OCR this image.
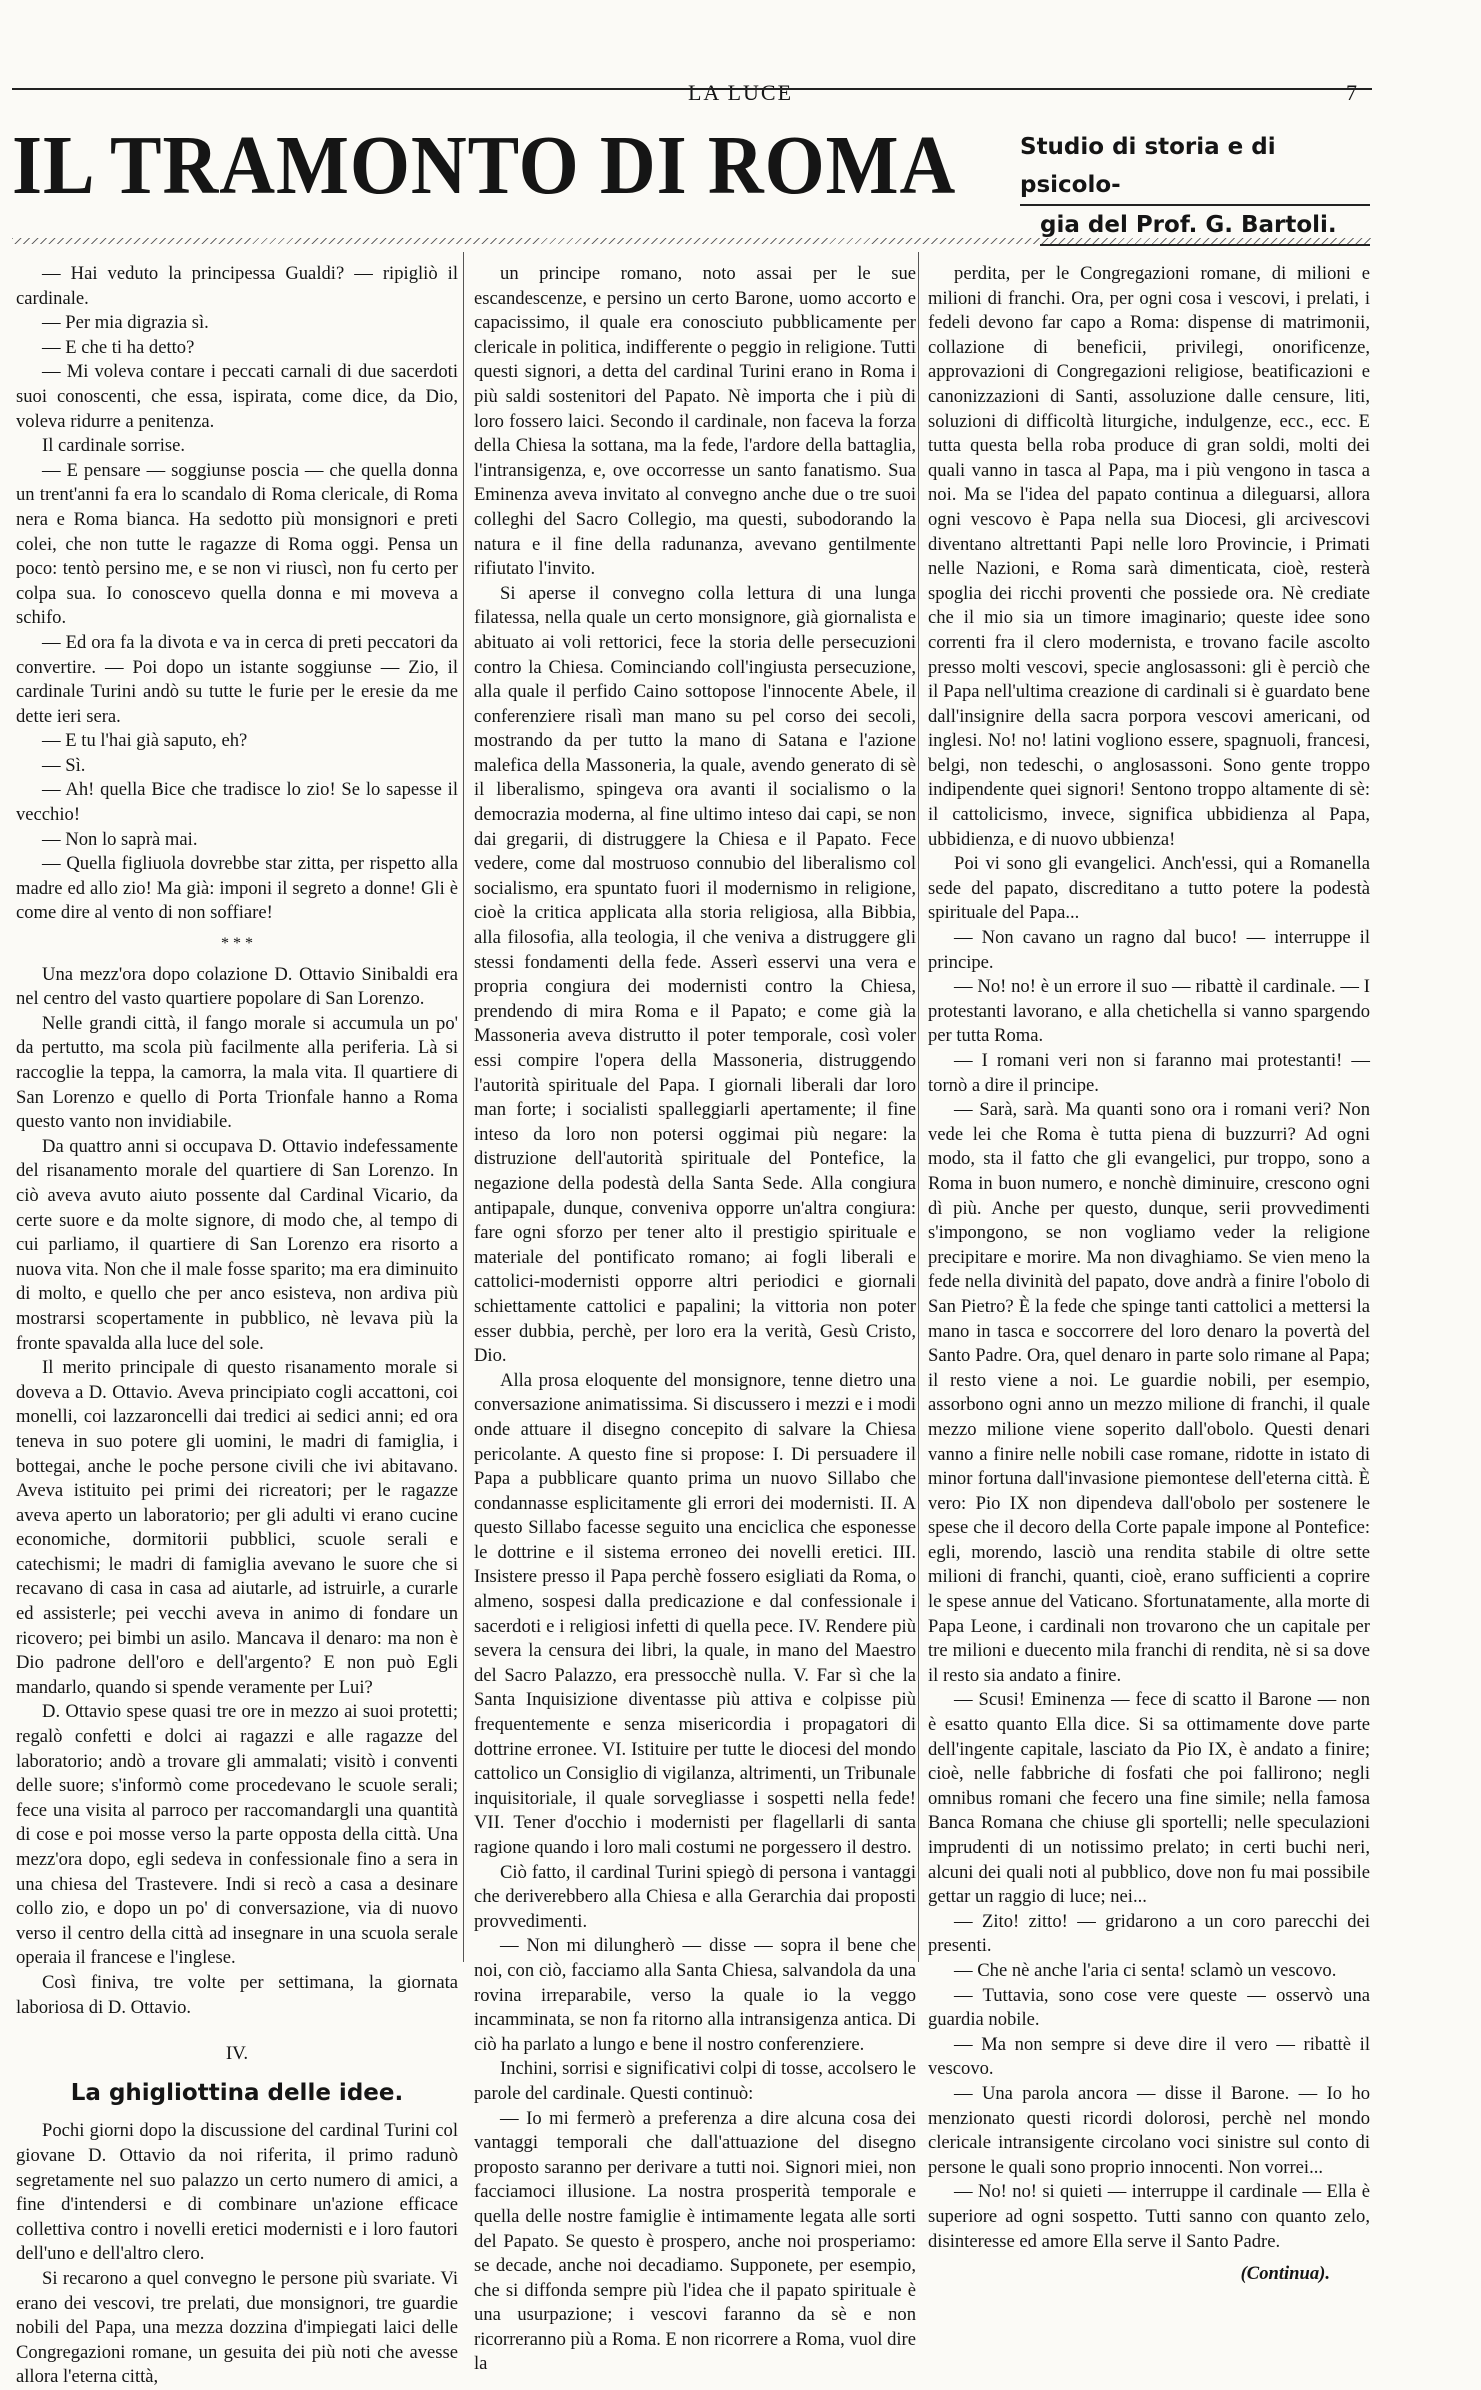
LA LUCE	7
IL TRAMONTO DI ROMA	Studio di storia e di psicolo-
gia del Prof. G. Bartoli.

— Hai veduto la principessa Gualdi? — ripigliò il cardinale.

— Per mia digrazia sì.

— E che ti ha detto?

— Mi voleva contare i peccati carnali di due sacerdoti suoi conoscenti, che essa, ispirata, come dice, da Dio, voleva ridurre a penitenza.

Il cardinale sorrise.

— E pensare — soggiunse poscia — che quella donna un trent'anni fa era lo scandalo di Roma clericale, di Roma nera e Roma bianca. Ha sedotto più monsignori e preti colei, che non tutte le ragazze di Roma oggi. Pensa un poco: tentò persino me, e se non vi riuscì, non fu certo per colpa sua. Io conoscevo quella donna e mi moveva a schifo.

— Ed ora fa la divota e va in cerca di preti peccatori da convertire. — Poi dopo un istante soggiunse — Zio, il cardinale Turini andò su tutte le furie per le eresie da me dette ieri sera.

— E tu l'hai già saputo, eh?

— Sì.

— Ah! quella Bice che tradisce lo zio! Se lo sapesse il vecchio!

— Non lo saprà mai.

— Quella figliuola dovrebbe star zitta, per rispetto alla madre ed allo zio! Ma già: imponi il segreto a donne! Gli è come dire al vento di non soffiare!

* * *

Una mezz'ora dopo colazione D. Ottavio Sinibaldi era nel centro del vasto quartiere popolare di San Lorenzo.

Nelle grandi città, il fango morale si accumula un po' da pertutto, ma scola più facilmente alla periferia. Là si raccoglie la teppa, la camorra, la mala vita. Il quartiere di San Lorenzo e quello di Porta Trionfale hanno a Roma questo vanto non invidiabile.

Da quattro anni si occupava D. Ottavio indefessamente del risanamento morale del quartiere di San Lorenzo. In ciò aveva avuto aiuto possente dal Cardinal Vicario, da certe suore e da molte signore, di modo che, al tempo di cui parliamo, il quartiere di San Lorenzo era risorto a nuova vita. Non che il male fosse sparito; ma era diminuito di molto, e quello che per anco esisteva, non ardiva più mostrarsi scopertamente in pubblico, nè levava più la fronte spavalda alla luce del sole.

Il merito principale di questo risanamento morale si doveva a D. Ottavio. Aveva principiato cogli accattoni, coi monelli, coi lazzaroncelli dai tredici ai sedici anni; ed ora teneva in suo potere gli uomini, le madri di famiglia, i bottegai, anche le poche persone civili che ivi abitavano. Aveva istituito pei primi dei ricreatori; per le ragazze aveva aperto un laboratorio; per gli adulti vi erano cucine economiche, dormitorii pubblici, scuole serali e catechismi; le madri di famiglia avevano le suore che si recavano di casa in casa ad aiutarle, ad istruirle, a curarle ed assisterle; pei vecchi aveva in animo di fondare un ricovero; pei bimbi un asilo. Mancava il denaro: ma non è Dio padrone dell'oro e dell'argento? E non può Egli mandarlo, quando si spende veramente per Lui?

D. Ottavio spese quasi tre ore in mezzo ai suoi protetti; regalò confetti e dolci ai ragazzi e alle ragazze del laboratorio; andò a trovare gli ammalati; visitò i conventi delle suore; s'informò come procedevano le scuole serali; fece una visita al parroco per raccomandargli una quantità di cose e poi mosse verso la parte opposta della città. Una mezz'ora dopo, egli sedeva in confessionale fino a sera in una chiesa del Trastevere. Indi si recò a casa a desinare collo zio, e dopo un po' di conversazione, via di nuovo verso il centro della città ad insegnare in una scuola serale operaia il francese e l'inglese.

Così finiva, tre volte per settimana, la giornata laboriosa di D. Ottavio.

IV.
La ghigliottina delle idee.

Pochi giorni dopo la discussione del cardinal Turini col giovane D. Ottavio da noi riferita, il primo radunò segretamente nel suo palazzo un certo numero di amici, a fine d'intendersi e di combinare un'azione efficace collettiva contro i novelli eretici modernisti e i loro fautori dell'uno e dell'altro clero.

Si recarono a quel convegno le persone più svariate. Vi erano dei vescovi, tre prelati, due monsignori, tre guardie nobili del Papa, una mezza dozzina d'impiegati laici delle Congregazioni romane, un gesuita dei più noti che avesse allora l'eterna città,

un principe romano, noto assai per le sue escandescenze, e persino un certo Barone, uomo accorto e capacissimo, il quale era conosciuto pubblicamente per clericale in politica, indifferente o peggio in religione. Tutti questi signori, a detta del cardinal Turini erano in Roma i più saldi sostenitori del Papato. Nè importa che i più di loro fossero laici. Secondo il cardinale, non faceva la forza della Chiesa la sottana, ma la fede, l'ardore della battaglia, l'intransigenza, e, ove occorresse un santo fanatismo. Sua Eminenza aveva invitato al convegno anche due o tre suoi colleghi del Sacro Collegio, ma questi, subodorando la natura e il fine della radunanza, avevano gentilmente rifiutato l'invito.

Si aperse il convegno colla lettura di una lunga filatessa, nella quale un certo monsignore, già giornalista e abituato ai voli rettorici, fece la storia delle persecuzioni contro la Chiesa. Cominciando coll'ingiusta persecuzione, alla quale il perfido Caino sottopose l'innocente Abele, il conferenziere risalì man mano su pel corso dei secoli, mostrando da per tutto la mano di Satana e l'azione malefica della Massoneria, la quale, avendo generato di sè il liberalismo, spingeva ora avanti il socialismo o la democrazia moderna, al fine ultimo inteso dai capi, se non dai gregarii, di distruggere la Chiesa e il Papato. Fece vedere, come dal mostruoso connubio del liberalismo col socialismo, era spuntato fuori il modernismo in religione, cioè la critica applicata alla storia religiosa, alla Bibbia, alla filosofia, alla teologia, il che veniva a distruggere gli stessi fondamenti della fede. Asserì esservi una vera e propria congiura dei modernisti contro la Chiesa, prendendo di mira Roma e il Papato; e come già la Massoneria aveva distrutto il poter temporale, così voler essi compire l'opera della Massoneria, distruggendo l'autorità spirituale del Papa. I giornali liberali dar loro man forte; i socialisti spalleggiarli apertamente; il fine inteso da loro non potersi oggimai più negare: la distruzione dell'autorità spirituale del Pontefice, la negazione della podestà della Santa Sede. Alla congiura antipapale, dunque, conveniva opporre un'altra congiura: fare ogni sforzo per tener alto il prestigio spirituale e materiale del pontificato romano; ai fogli liberali e cattolici-modernisti opporre altri periodici e giornali schiettamente cattolici e papalini; la vittoria non poter esser dubbia, perchè, per loro era la verità, Gesù Cristo, Dio.

Alla prosa eloquente del monsignore, tenne dietro una conversazione animatissima. Si discussero i mezzi e i modi onde attuare il disegno concepito di salvare la Chiesa pericolante. A questo fine si propose: I. Di persuadere il Papa a pubblicare quanto prima un nuovo Sillabo che condannasse esplicitamente gli errori dei modernisti. II. A questo Sillabo facesse seguito una enciclica che esponesse le dottrine e il sistema erroneo dei novelli eretici. III. Insistere presso il Papa perchè fossero esigliati da Roma, o almeno, sospesi dalla predicazione e dal confessionale i sacerdoti e i religiosi infetti di quella pece. IV. Rendere più severa la censura dei libri, la quale, in mano del Maestro del Sacro Palazzo, era pressocchè nulla. V. Far sì che la Santa Inquisizione diventasse più attiva e colpisse più frequentemente e senza misericordia i propagatori di dottrine erronee. VI. Istituire per tutte le diocesi del mondo cattolico un Consiglio di vigilanza, altrimenti, un Tribunale inquisitoriale, il quale sorvegliasse i sospetti nella fede! VII. Tener d'occhio i modernisti per flagellarli di santa ragione quando i loro mali costumi ne porgessero il destro.

Ciò fatto, il cardinal Turini spiegò di persona i vantaggi che deriverebbero alla Chiesa e alla Gerarchia dai proposti provvedimenti.

— Non mi dilungherò — disse — sopra il bene che noi, con ciò, facciamo alla Santa Chiesa, salvandola da una rovina irreparabile, verso la quale io la veggo incamminata, se non fa ritorno alla intransigenza antica. Di ciò ha parlato a lungo e bene il nostro conferenziere.

Inchini, sorrisi e significativi colpi di tosse, accolsero le parole del cardinale. Questi continuò:

— Io mi fermerò a preferenza a dire alcuna cosa dei vantaggi temporali che dall'attuazione del disegno proposto saranno per derivare a tutti noi. Signori miei, non facciamoci illusione. La nostra prosperità temporale e quella delle nostre famiglie è intimamente legata alle sorti del Papato. Se questo è prospero, anche noi prosperiamo: se decade, anche noi decadiamo. Supponete, per esempio, che si diffonda sempre più l'idea che il papato spirituale è una usurpazione; i vescovi faranno da sè e non ricorreranno più a Roma. E non ricorrere a Roma, vuol dire la

perdita, per le Congregazioni romane, di milioni e milioni di franchi. Ora, per ogni cosa i vescovi, i prelati, i fedeli devono far capo a Roma: dispense di matrimonii, collazione di beneficii, privilegi, onorificenze, approvazioni di Congregazioni religiose, beatificazioni e canonizzazioni di Santi, assoluzione dalle censure, liti, soluzioni di difficoltà liturgiche, indulgenze, ecc., ecc. E tutta questa bella roba produce di gran soldi, molti dei quali vanno in tasca al Papa, ma i più vengono in tasca a noi. Ma se l'idea del papato continua a dileguarsi, allora ogni vescovo è Papa nella sua Diocesi, gli arcivescovi diventano altrettanti Papi nelle loro Provincie, i Primati nelle Nazioni, e Roma sarà dimenticata, cioè, resterà spoglia dei ricchi proventi che possiede ora. Nè crediate che il mio sia un timore imaginario; queste idee sono correnti fra il clero modernista, e trovano facile ascolto presso molti vescovi, specie anglosassoni: gli è perciò che il Papa nell'ultima creazione di cardinali si è guardato bene dall'insignire della sacra porpora vescovi americani, od inglesi. No! no! latini vogliono essere, spagnuoli, francesi, belgi, non tedeschi, o anglosassoni. Sono gente troppo indipendente quei signori! Sentono troppo altamente di sè: il cattolicismo, invece, significa ubbidienza al Papa, ubbidienza, e di nuovo ubbienza!

Poi vi sono gli evangelici. Anch'essi, qui a Romanella sede del papato, discreditano a tutto potere la podestà spirituale del Papa...

— Non cavano un ragno dal buco! — interruppe il principe.

— No! no! è un errore il suo — ribattè il cardinale. — I protestanti lavorano, e alla chetichella si vanno spargendo per tutta Roma.

— I romani veri non si faranno mai protestanti! — tornò a dire il principe.

— Sarà, sarà. Ma quanti sono ora i romani veri? Non vede lei che Roma è tutta piena di buzzurri? Ad ogni modo, sta il fatto che gli evangelici, pur troppo, sono a Roma in buon numero, e nonchè diminuire, crescono ogni dì più. Anche per questo, dunque, serii provvedimenti s'impongono, se non vogliamo veder la religione precipitare e morire. Ma non divaghiamo. Se vien meno la fede nella divinità del papato, dove andrà a finire l'obolo di San Pietro? È la fede che spinge tanti cattolici a mettersi la mano in tasca e soccorrere del loro denaro la povertà del Santo Padre. Ora, quel denaro in parte solo rimane al Papa; il resto viene a noi. Le guardie nobili, per esempio, assorbono ogni anno un mezzo milione di franchi, il quale mezzo milione viene soperito dall'obolo. Questi denari vanno a finire nelle nobili case romane, ridotte in istato di minor fortuna dall'invasione piemontese dell'eterna città. È vero: Pio IX non dipendeva dall'obolo per sostenere le spese che il decoro della Corte papale impone al Pontefice: egli, morendo, lasciò una rendita stabile di oltre sette milioni di franchi, quanti, cioè, erano sufficienti a coprire le spese annue del Vaticano. Sfortunatamente, alla morte di Papa Leone, i cardinali non trovarono che un capitale per tre milioni e duecento mila franchi di rendita, nè si sa dove il resto sia andato a finire.

— Scusi! Eminenza — fece di scatto il Barone — non è esatto quanto Ella dice. Si sa ottimamente dove parte dell'ingente capitale, lasciato da Pio IX, è andato a finire; cioè, nelle fabbriche di fosfati che poi fallirono; negli omnibus romani che fecero una fine simile; nella famosa Banca Romana che chiuse gli sportelli; nelle speculazioni imprudenti di un notissimo prelato; in certi buchi neri, alcuni dei quali noti al pubblico, dove non fu mai possibile gettar un raggio di luce; nei...

— Zito! zitto! — gridarono a un coro parecchi dei presenti.

— Che nè anche l'aria ci senta! sclamò un vescovo.

— Tuttavia, sono cose vere queste — osservò una guardia nobile.

— Ma non sempre si deve dire il vero — ribattè il vescovo.

— Una parola ancora — disse il Barone. — Io ho menzionato questi ricordi dolorosi, perchè nel mondo clericale intransigente circolano voci sinistre sul conto di persone le quali sono proprio innocenti. Non vorrei...

— No! no! si quieti — interruppe il cardinale — Ella è superiore ad ogni sospetto. Tutti sanno con quanto zelo, disinteresse ed amore Ella serve il Santo Padre.

(Continua).
